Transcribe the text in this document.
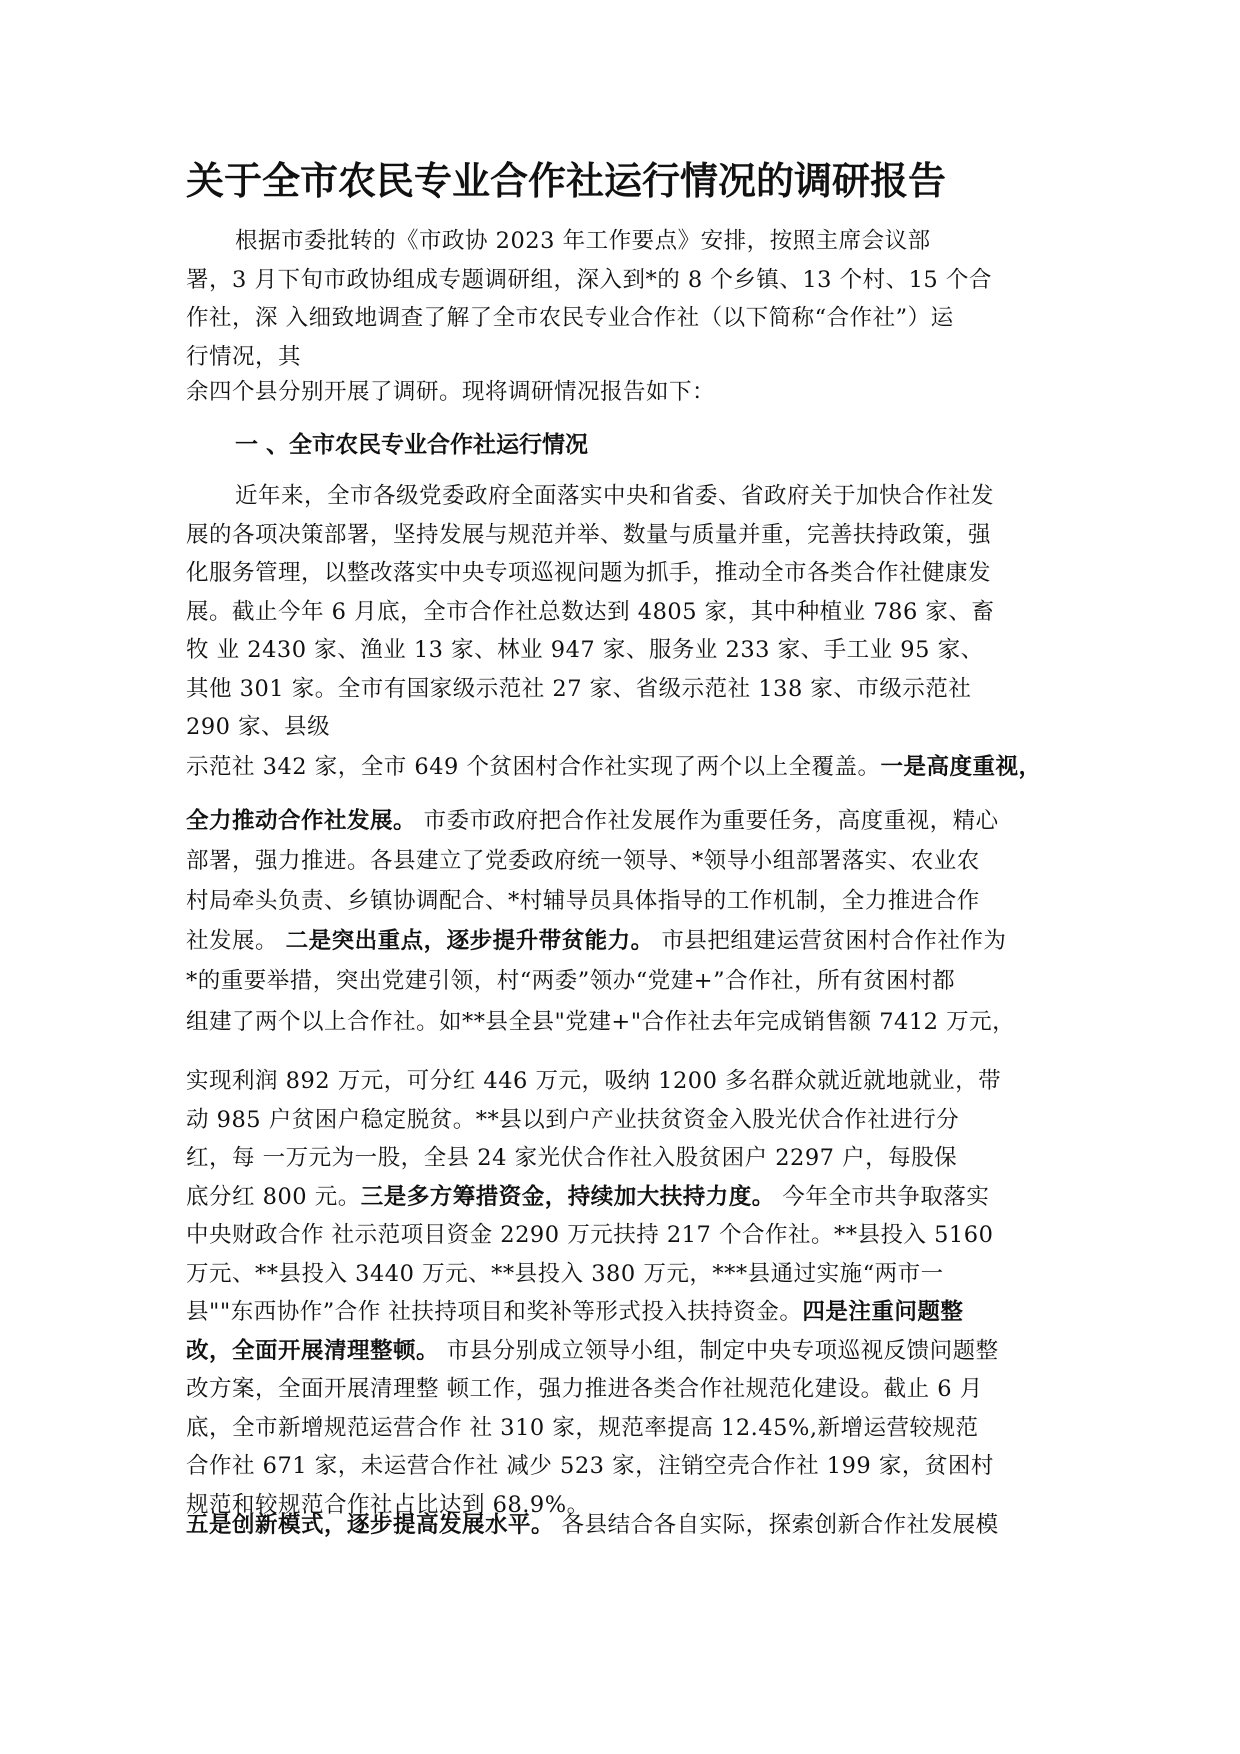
关于全市农民专业合作社运行情况的调研报告
根据市委批转的《市政协 2023 年工作要点》安排，按照主席会议部
署，3 月下旬市政协组成专题调研组，深入到*的 8 个乡镇、13 个村、15 个合
作社，深 入细致地调查了解了全市农民专业合作社（以下简称“合作社”）运
行情况，其
余四个县分别开展了调研。现将调研情况报告如下：
一 、全市农民专业合作社运行情况
近年来，全市各级党委政府全面落实中央和省委、省政府关于加快合作社发
展的各项决策部署，坚持发展与规范并举、数量与质量并重，完善扶持政策，强
化服务管理，以整改落实中央专项巡视问题为抓手，推动全市各类合作社健康发
展。截止今年 6 月底，全市合作社总数达到 4805 家，其中种植业 786 家、畜
牧 业 2430 家、渔业 13 家、林业 947 家、服务业 233 家、手工业 95 家、
其他 301 家。全市有国家级示范社 27 家、省级示范社 138 家、市级示范社
290 家、县级
示范社 342 家，全市 649 个贫困村合作社实现了两个以上全覆盖。一是高度重视，
全力推动合作社发展。 市委市政府把合作社发展作为重要任务，高度重视，精心
部署，强力推进。各县建立了党委政府统一领导、*领导小组部署落实、农业农
村局牵头负责、乡镇协调配合、*村辅导员具体指导的工作机制，全力推进合作
社发展。 二是突出重点，逐步提升带贫能力。 市县把组建运营贫困村合作社作为
*的重要举措，突出党建引领，村“两委”领办“党建+”合作社，所有贫困村都
组建了两个以上合作社。如**县全县"党建+"合作社去年完成销售额 7412 万元，
实现利润 892 万元，可分红 446 万元，吸纳 1200 多名群众就近就地就业，带
动 985 户贫困户稳定脱贫。**县以到户产业扶贫资金入股光伏合作社进行分
红，每 一万元为一股，全县 24 家光伏合作社入股贫困户 2297 户，每股保
底分红 800 元。三是多方筹措资金，持续加大扶持力度。 今年全市共争取落实
中央财政合作 社示范项目资金 2290 万元扶持 217 个合作社。**县投入 5160
万元、**县投入 3440 万元、**县投入 380 万元，***县通过实施“两市一
县""东西协作”合作 社扶持项目和奖补等形式投入扶持资金。四是注重问题整
改，全面开展清理整顿。 市县分别成立领导小组，制定中央专项巡视反馈问题整
改方案，全面开展清理整 顿工作，强力推进各类合作社规范化建设。截止 6 月
底，全市新增规范运营合作 社 310 家，规范率提高 12.45%,新增运营较规范
合作社 671 家，未运营合作社 减少 523 家，注销空壳合作社 199 家，贫困村
规范和较规范合作社占比达到 68.9%。
五是创新模式，逐步提高发展水平。 各县结合各自实际，探索创新合作社发展模
